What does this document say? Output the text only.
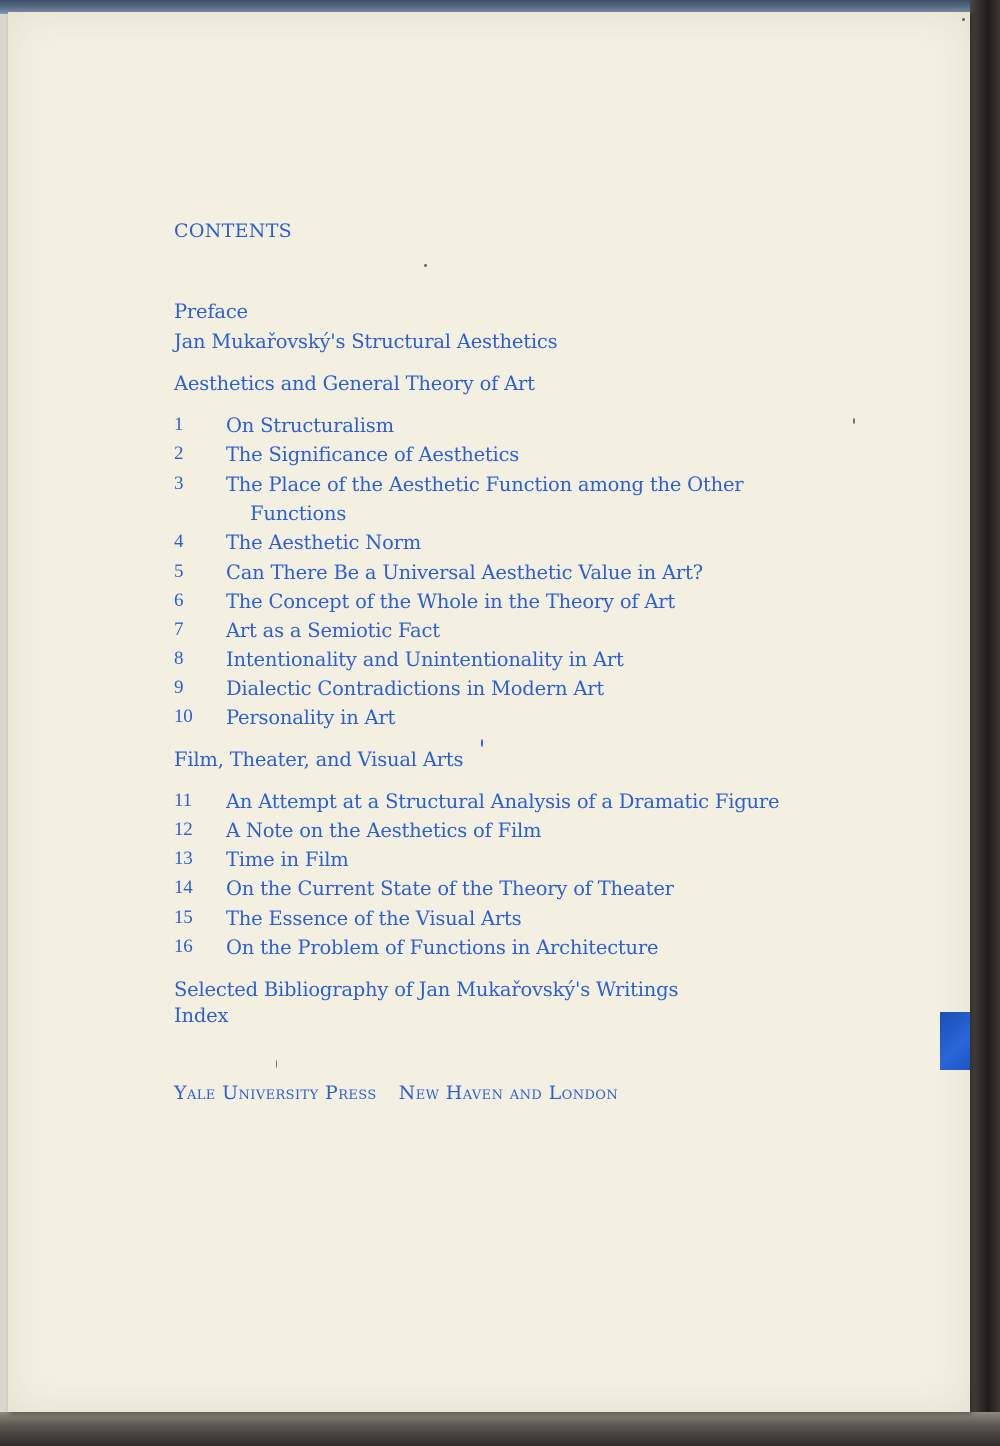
CONTENTS
Preface
Jan Mukařovský's Structural Aesthetics
Aesthetics and General Theory of Art
1	On Structuralism
2	The Significance of Aesthetics
3	The Place of the Aesthetic Function among the Other
Functions
4	The Aesthetic Norm
5	Can There Be a Universal Aesthetic Value in Art?
6	The Concept of the Whole in the Theory of Art
7	Art as a Semiotic Fact
8	Intentionality and Unintentionality in Art
9	Dialectic Contradictions in Modern Art
10	Personality in Art
Film, Theater, and Visual Arts
11	An Attempt at a Structural Analysis of a Dramatic Figure
12	A Note on the Aesthetics of Film
13	Time in Film
14	On the Current State of the Theory of Theater
15	The Essence of the Visual Arts
16	On the Problem of Functions in Architecture
Selected Bibliography of Jan Mukařovský's Writings
Index
Yale University Press New Haven and London
